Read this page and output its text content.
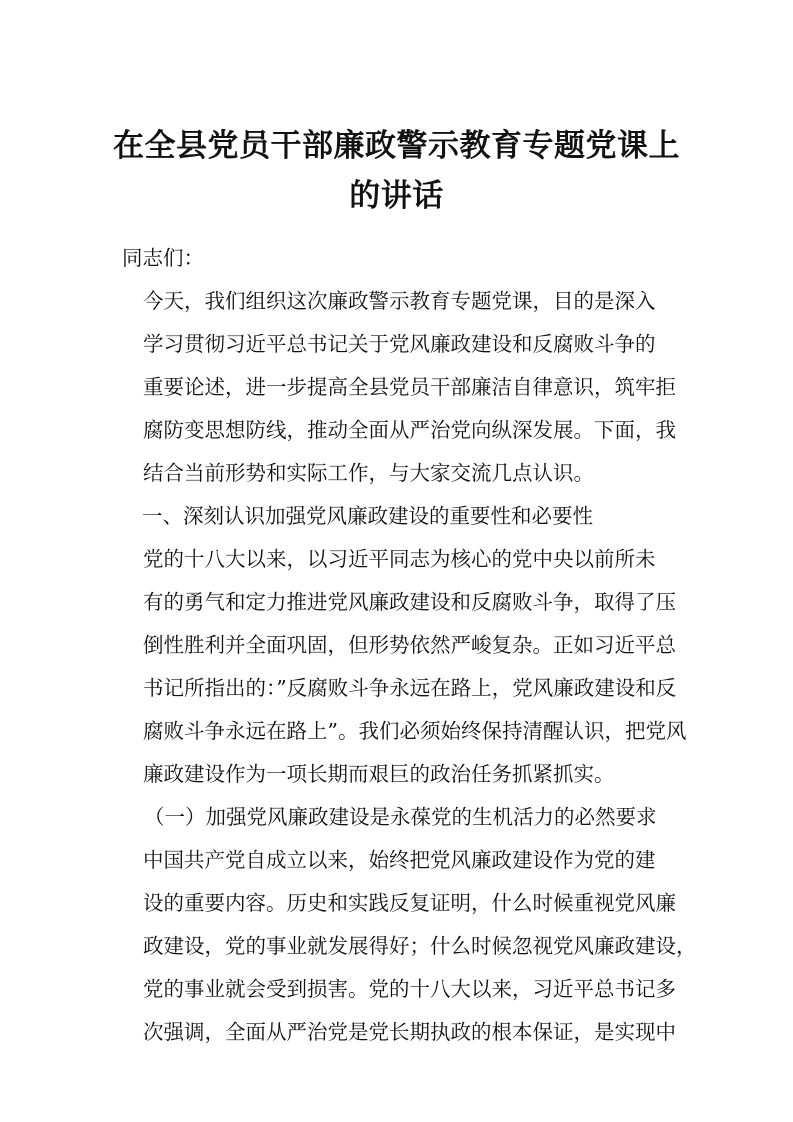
在全县党员干部廉政警示教育专题党课上
的讲话

同志们：

今天，我们组织这次廉政警示教育专题党课，目的是深入
学习贯彻习近平总书记关于党风廉政建设和反腐败斗争的
重要论述，进一步提高全县党员干部廉洁自律意识，筑牢拒
腐防变思想防线，推动全面从严治党向纵深发展。下面，我
结合当前形势和实际工作，与大家交流几点认识。

一、深刻认识加强党风廉政建设的重要性和必要性

党的十八大以来，以习近平同志为核心的党中央以前所未
有的勇气和定力推进党风廉政建设和反腐败斗争，取得了压
倒性胜利并全面巩固，但形势依然严峻复杂。正如习近平总
书记所指出的：”反腐败斗争永远在路上，党风廉政建设和反
腐败斗争永远在路上”。我们必须始终保持清醒认识，把党风
廉政建设作为一项长期而艰巨的政治任务抓紧抓实。

（一）加强党风廉政建设是永葆党的生机活力的必然要求

中国共产党自成立以来，始终把党风廉政建设作为党的建
设的重要内容。历史和实践反复证明，什么时候重视党风廉
政建设，党的事业就发展得好；什么时候忽视党风廉政建设，
党的事业就会受到损害。党的十八大以来，习近平总书记多
次强调，全面从严治党是党长期执政的根本保证，是实现中
